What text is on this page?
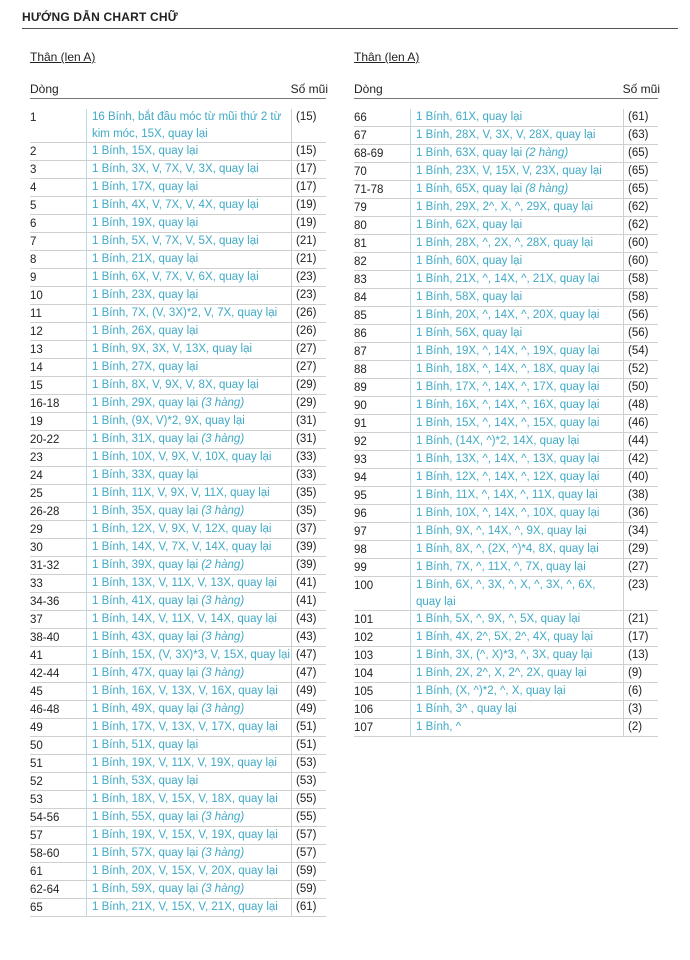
HƯỚNG DẪN CHART CHỮ
Thân (len A)
Dòng	Số mũi
1	16 Bính, bắt đầu móc từ mũi thứ 2 từ kim móc, 15X, quay lại
(15)
2	1 Bính, 15X, quay lại	(15)
3	1 Bính, 3X, V, 7X, V, 3X, quay lại	(17)
4	1 Bính, 17X, quay lại	(17)
5	1 Bính, 4X, V, 7X, V, 4X, quay lại	(19)
6	1 Bính, 19X, quay lại	(19)
7	1 Bính, 5X, V, 7X, V, 5X, quay lại	(21)
8	1 Bính, 21X, quay lại	(21)
9	1 Bính, 6X, V, 7X, V, 6X, quay lại	(23)
10	1 Bính, 23X, quay lại	(23)
11	1 Bính, 7X, (V, 3X)*2, V, 7X, quay lại	(26)
12	1 Bính, 26X, quay lại	(26)
13	1 Bính, 9X, 3X, V, 13X, quay lại	(27)
14	1 Bính, 27X, quay lại	(27)
15	1 Bính, 8X, V, 9X, V, 8X, quay lại	(29)
16-18	1 Bính, 29X, quay lại (3 hàng)	(29)
19	1 Bính, (9X, V)*2, 9X, quay lại	(31)
20-22	1 Bính, 31X, quay lại (3 hàng)	(31)
23	1 Bính, 10X, V, 9X, V, 10X, quay lại	(33)
24	1 Bính, 33X, quay lại	(33)
25	1 Bính, 11X, V, 9X, V, 11X, quay lại	(35)
26-28	1 Bính, 35X, quay lại (3 hàng)	(35)
29	1 Bính, 12X, V, 9X, V, 12X, quay lại	(37)
30	1 Bính, 14X, V, 7X, V, 14X, quay lại	(39)
31-32	1 Bính, 39X, quay lại (2 hàng)	(39)
33	1 Bính, 13X, V, 11X, V, 13X, quay lại	(41)
34-36	1 Bính, 41X, quay lại (3 hàng)	(41)
37	1 Bính, 14X, V, 11X, V, 14X, quay lại	(43)
38-40	1 Bính, 43X, quay lại (3 hàng)	(43)
41	1 Bính, 15X, (V, 3X)*3, V, 15X, quay lại (47)
42-44	1 Bính, 47X, quay lại (3 hàng)	(47)
45	1 Bính, 16X, V, 13X, V, 16X, quay lại	(49)
46-48	1 Bính, 49X, quay lại (3 hàng)	(49)
49	1 Bính, 17X, V, 13X, V, 17X, quay lại	(51)
50	1 Bính, 51X, quay lại	(51)
51	1 Bính, 19X, V, 11X, V, 19X, quay lại	(53)
52	1 Bính, 53X, quay lại	(53)
53	1 Bính, 18X, V, 15X, V, 18X, quay lại	(55)
54-56	1 Bính, 55X, quay lại (3 hàng)	(55)
57	1 Bính, 19X, V, 15X, V, 19X, quay lại	(57)
58-60	1 Bính, 57X, quay lại (3 hàng)	(57)
61	1 Bính, 20X, V, 15X, V, 20X, quay lại	(59)
62-64	1 Bính, 59X, quay lại (3 hàng)	(59)
65	1 Bính, 21X, V, 15X, V, 21X, quay lại	(61)
Thân (len A)
Dòng	Số mũi
66	1 Bính, 61X, quay lại	(61)
67	1 Bính, 28X, V, 3X, V, 28X, quay lại	(63)
68-69	1 Bính, 63X, quay lại (2 hàng)	(65)
70	1 Bính, 23X, V, 15X, V, 23X, quay lại	(65)
71-78	1 Bính, 65X, quay lại (8 hàng)	(65)
79	1 Bính, 29X, 2^, X, ^, 29X, quay lại	(62)
80	1 Bính, 62X, quay lại	(62)
81	1 Bính, 28X, ^, 2X, ^, 28X, quay lại	(60)
82	1 Bính, 60X, quay lại	(60)
83	1 Bính, 21X, ^, 14X, ^, 21X, quay lại	(58)
84	1 Bính, 58X, quay lại	(58)
85	1 Bính, 20X, ^, 14X, ^, 20X, quay lại	(56)
86	1 Bính, 56X, quay lại	(56)
87	1 Bính, 19X, ^, 14X, ^, 19X, quay lại	(54)
88	1 Bính, 18X, ^, 14X, ^, 18X, quay lại	(52)
89	1 Bính, 17X, ^, 14X, ^, 17X, quay lại	(50)
90	1 Bính, 16X, ^, 14X, ^, 16X, quay lại	(48)
91	1 Bính, 15X, ^, 14X, ^, 15X, quay lại	(46)
92	1 Bính, (14X, ^)*2, 14X, quay lại	(44)
93	1 Bính, 13X, ^, 14X, ^, 13X, quay lại	(42)
94	1 Bính, 12X, ^, 14X, ^, 12X, quay lại	(40)
95	1 Bính, 11X, ^, 14X, ^, 11X, quay lại	(38)
96	1 Bính, 10X, ^, 14X, ^, 10X, quay lại	(36)
97	1 Bính, 9X, ^, 14X, ^, 9X, quay lại	(34)
98	1 Bính, 8X, ^, (2X, ^)*4, 8X, quay lại	(29)
99	1 Bính, 7X, ^, 11X, ^, 7X, quay lại	(27)
100	1 Bính, 6X, ^, 3X, ^, X, ^, 3X, ^, 6X, quay lại
(23)
101	1 Bính, 5X, ^, 9X, ^, 5X, quay lại	(21)
102	1 Bính, 4X, 2^, 5X, 2^, 4X, quay lại	(17)
103	1 Bính, 3X, (^, X)*3, ^, 3X, quay lại	(13)
104	1 Bính, 2X, 2^, X, 2^, 2X, quay lại	(9)
105	1 Bính, (X, ^)*2, ^, X, quay lại	(6)
106	1 Bính, 3^ , quay lại	(3)
107	1 Bính, ^	(2)
